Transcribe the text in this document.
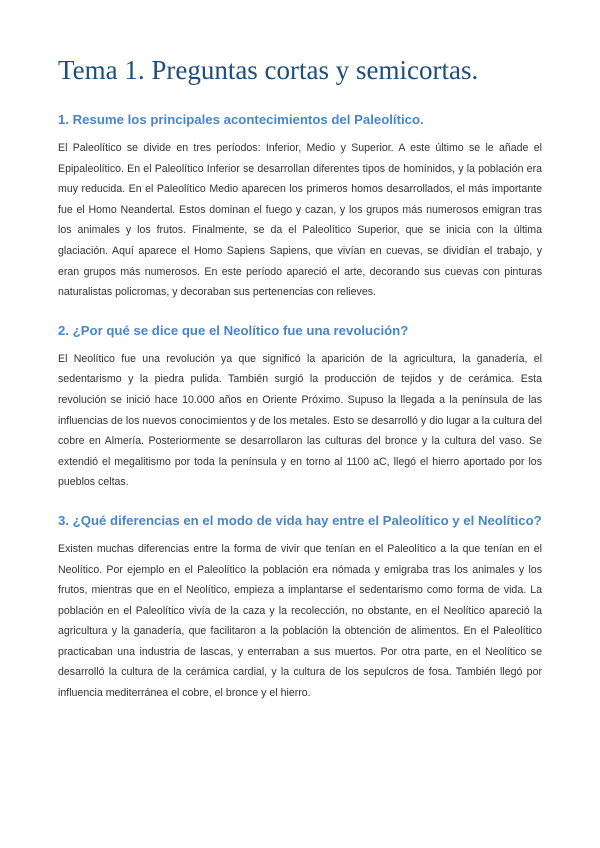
Tema 1. Preguntas cortas y semicortas.
1. Resume los principales acontecimientos del Paleolítico.

El Paleolítico se divide en tres períodos: Inferior, Medio y Superior. A este último se le añade el Epipaleolítico. En el Paleolítico Inferior se desarrollan diferentes tipos de homínidos, y la población era muy reducida. En el Paleolítico Medio aparecen los primeros homos desarrollados, el más importante fue el Homo Neandertal. Estos dominan el fuego y cazan, y los grupos más numerosos emigran tras los animales y los frutos. Finalmente, se da el Paleolítico Superior, que se inicia con la última glaciación. Aquí aparece el Homo Sapiens Sapiens, que vivían en cuevas, se dividían el trabajo, y eran grupos más numerosos. En este período apareció el arte, decorando sus cuevas con pinturas naturalistas policromas, y decoraban sus pertenencias con relieves.

2. ¿Por qué se dice que el Neolítico fue una revolución?

El Neolítico fue una revolución ya que significó la aparición de la agricultura, la ganadería, el sedentarismo y la piedra pulida. También surgió la producción de tejidos y de cerámica. Esta revolución se inició hace 10.000 años en Oriente Próximo. Supuso la llegada a la península de las influencias de los nuevos conocimientos y de los metales. Esto se desarrolló y dio lugar a la cultura del cobre en Almería. Posteriormente se desarrollaron las culturas del bronce y la cultura del vaso. Se extendió el megalitismo por toda la península y en torno al 1100 aC, llegó el hierro aportado por los pueblos celtas.

3. ¿Qué diferencias en el modo de vida hay entre el Paleolítico y el Neolítico?

Existen muchas diferencias entre la forma de vivir que tenían en el Paleolítico a la que tenían en el Neolítico. Por ejemplo en el Paleolítico la población era nómada y emigraba tras los animales y los frutos, mientras que en el Neolítico, empieza a implantarse el sedentarismo como forma de vida. La población en el Paleolítico vivía de la caza y la recolección, no obstante, en el Neolítico apareció la agricultura y la ganadería, que facilitaron a la población la obtención de alimentos. En el Paleolítico practicaban una industria de lascas, y enterraban a sus muertos. Por otra parte, en el Neolítico se desarrolló la cultura de la cerámica cardial, y la cultura de los sepulcros de fosa. También llegó por influencia mediterránea el cobre, el bronce y el hierro.
